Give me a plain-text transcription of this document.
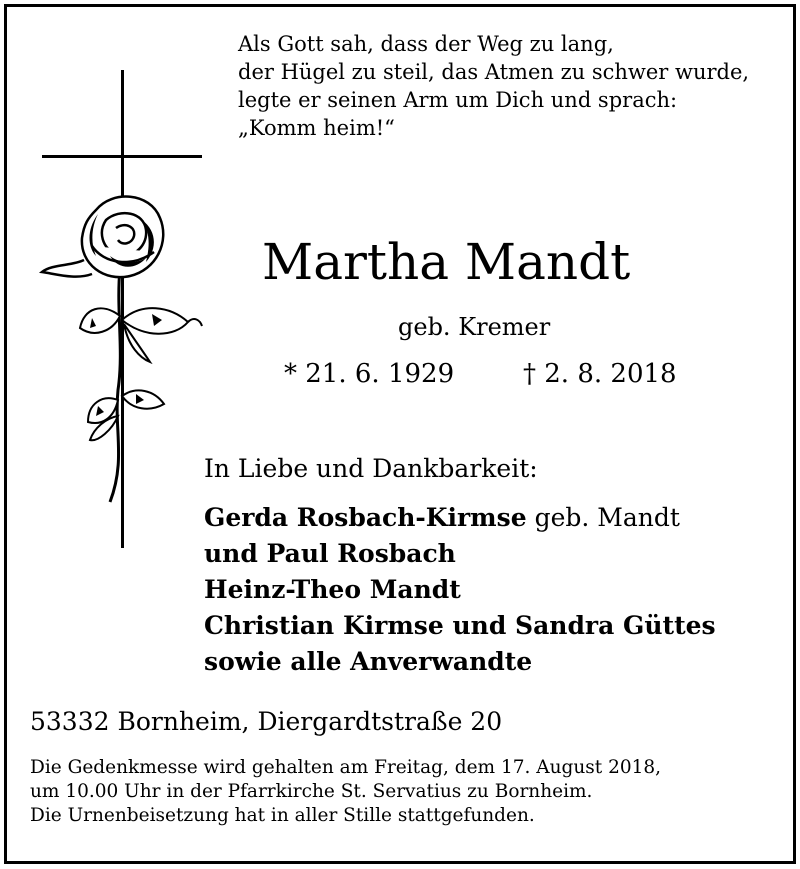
Als Gott sah, dass der Weg zu lang,
der Hügel zu steil, das Atmen zu schwer wurde,
legte er seinen Arm um Dich und sprach:
„Komm heim!“
Martha Mandt
geb. Kremer
* 21. 6. 1929	† 2. 8. 2018
In Liebe und Dankbarkeit:
Gerda Rosbach-Kirmse geb. Mandt
und Paul Rosbach
Heinz-Theo Mandt
Christian Kirmse und Sandra Güttes
sowie alle Anverwandte
53332 Bornheim, Diergardtstraße 20
Die Gedenkmesse wird gehalten am Freitag, dem 17. August 2018,
um 10.00 Uhr in der Pfarrkirche St. Servatius zu Bornheim.
Die Urnenbeisetzung hat in aller Stille stattgefunden.
